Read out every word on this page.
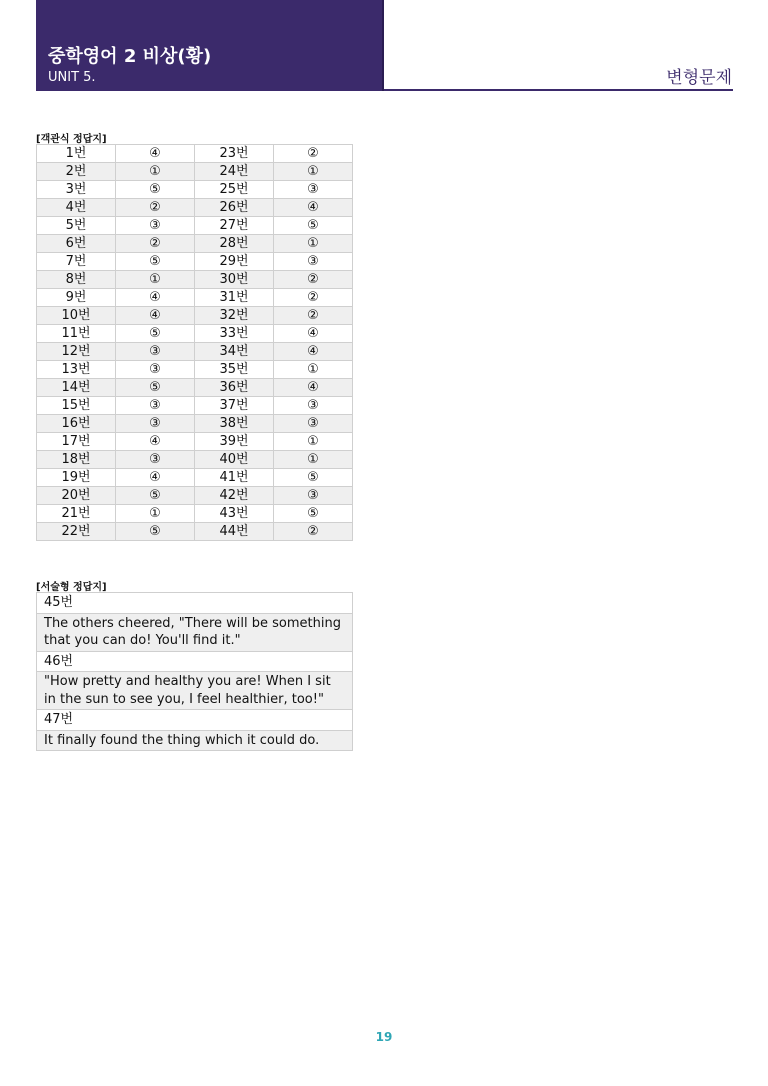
중학영어 2 비상(황)
UNIT 5.	변형문제
[객관식 정답지]
1번	④	23번	②
2번	①	24번	①
3번	⑤	25번	③
4번	②	26번	④
5번	③	27번	⑤
6번	②	28번	①
7번	⑤	29번	③
8번	①	30번	②
9번	④	31번	②
10번	④	32번	②
11번	⑤	33번	④
12번	③	34번	④
13번	③	35번	①
14번	⑤	36번	④
15번	③	37번	③
16번	③	38번	③
17번	④	39번	①
18번	③	40번	①
19번	④	41번	⑤
20번	⑤	42번	③
21번	①	43번	⑤
22번	⑤	44번	②
[서술형 정답지]
45번
The others cheered, "There will be something that you can do! You'll find it."
46번
"How pretty and healthy you are! When I sit in the sun to see you, I feel healthier, too!"
47번
It finally found the thing which it could do.
19
